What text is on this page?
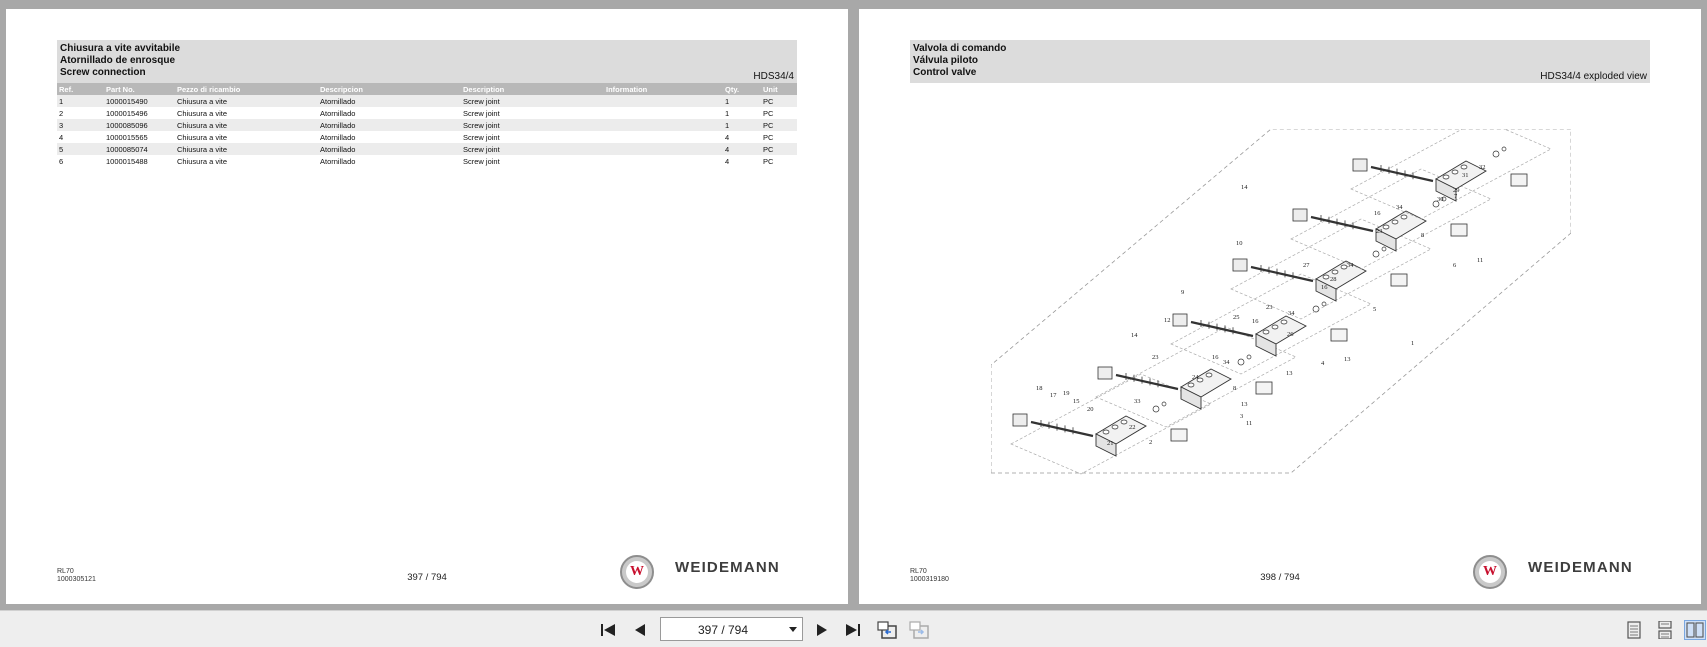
Chiusura a vite avvitabile
Atornillado de enrosque
Screw connection	HDS34/4
Ref.	Part No.	Pezzo di ricambio	Descripcion	Description	Information	Qty.	Unit
1	1000015490	Chiusura a vite	Atornillado	Screw joint		1	PC
2	1000015496	Chiusura a vite	Atornillado	Screw joint		1	PC
3	1000085096	Chiusura a vite	Atornillado	Screw joint		1	PC
4	1000015565	Chiusura a vite	Atornillado	Screw joint		4	PC
5	1000085074	Chiusura a vite	Atornillado	Screw joint		4	PC
6	1000015488	Chiusura a vite	Atornillado	Screw joint		4	PC
RL70
1000305121	397 / 794	W WEIDEMANN
Valvola di comando
Válvula piloto
Control valve	HDS34/4 exploded view
1
2
3
4
5
6
7
8
8
9
10
11
11
12
13
13
13
14
14
15
16
16
16
16
17
18
19
20
21
22
23
23
23
24
25
26
27
28
29
30
31
32
33
34
34
34
34
RL70
1000319180	398 / 794	W WEIDEMANN
397 / 794
